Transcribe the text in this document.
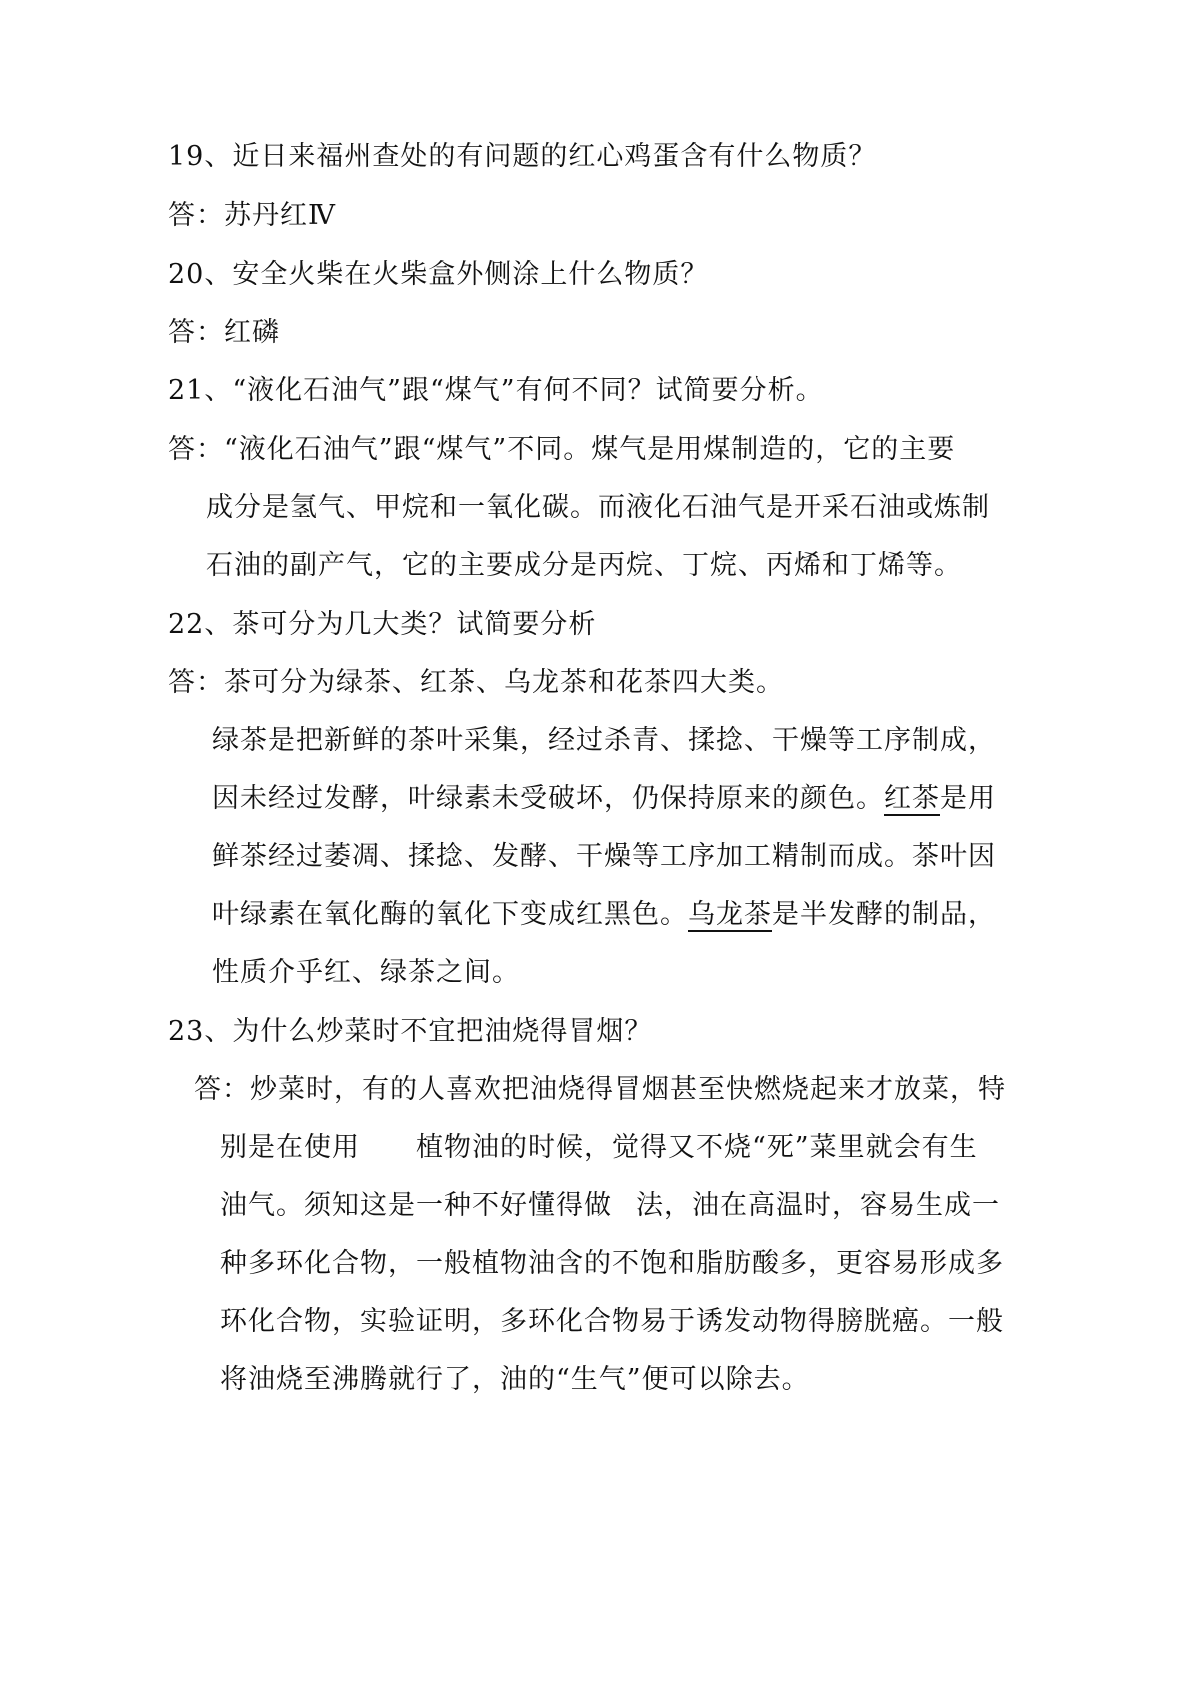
19、近日来福州查处的有问题的红心鸡蛋含有什么物质？
答：苏丹红Ⅳ
20、安全火柴在火柴盒外侧涂上什么物质？
答：红磷
21、“液化石油气”跟“煤气”有何不同？试简要分析。
答：“液化石油气”跟“煤气”不同。煤气是用煤制造的，它的主要
成分是氢气、甲烷和一氧化碳。而液化石油气是开采石油或炼制
石油的副产气，它的主要成分是丙烷、丁烷、丙烯和丁烯等。
22、茶可分为几大类？试简要分析
答：茶可分为绿茶、红茶、乌龙茶和花茶四大类。
绿茶是把新鲜的茶叶采集，经过杀青、揉捻、干燥等工序制成，
因未经过发酵，叶绿素未受破坏，仍保持原来的颜色。红茶是用
鲜茶经过萎凋、揉捻、发酵、干燥等工序加工精制而成。茶叶因
叶绿素在氧化酶的氧化下变成红黑色。乌龙茶是半发酵的制品，
性质介乎红、绿茶之间。
23、为什么炒菜时不宜把油烧得冒烟？
答：炒菜时，有的人喜欢把油烧得冒烟甚至快燃烧起来才放菜，特
别是在使用 植物油的时候，觉得又不烧“死”菜里就会有生
油气。须知这是一种不好懂得做 法，油在高温时，容易生成一
种多环化合物，一般植物油含的不饱和脂肪酸多，更容易形成多
环化合物，实验证明，多环化合物易于诱发动物得膀胱癌。一般
将油烧至沸腾就行了，油的“生气”便可以除去。
